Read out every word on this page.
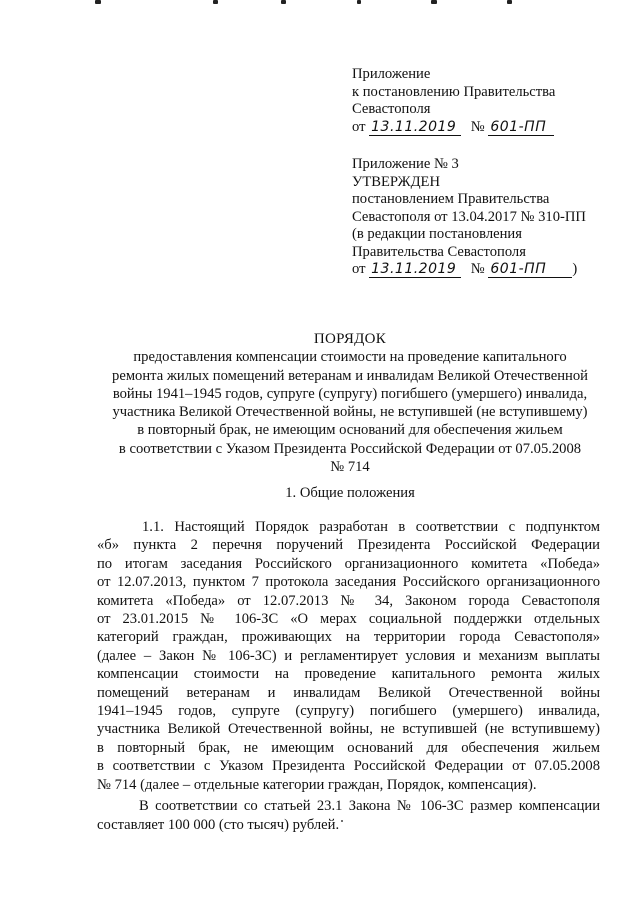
Приложение
к постановлению Правительства
Севастополя
от 13.11.2019 № 601-ПП
Приложение № 3
УТВЕРЖДЕН
постановлением Правительства
Севастополя от 13.04.2017 № 310-ПП
(в редакции постановления
Правительства Севастополя
от 13.11.2019 № 601-ПП )
ПОРЯДОК
предоставления компенсации стоимости на проведение капитального
ремонта жилых помещений ветеранам и инвалидам Великой Отечественной
войны 1941–1945 годов, супруге (супругу) погибшего (умершего) инвалида,
участника Великой Отечественной войны, не вступившей (не вступившему)
в повторный брак, не имеющим оснований для обеспечения жильем
в соответствии с Указом Президента Российской Федерации от 07.05.2008
№ 714
1. Общие положения
1.1. Настоящий Порядок разработан в соответствии с подпунктом
«б» пункта 2 перечня поручений Президента Российской Федерации
по итогам заседания Российского организационного комитета «Победа»
от 12.07.2013, пунктом 7 протокола заседания Российского организационного
комитета «Победа» от 12.07.2013 № 34, Законом города Севастополя
от 23.01.2015 № 106-ЗС «О мерах социальной поддержки отдельных
категорий граждан, проживающих на территории города Севастополя»
(далее – Закон № 106-ЗС) и регламентирует условия и механизм выплаты
компенсации стоимости на проведение капитального ремонта жилых
помещений ветеранам и инвалидам Великой Отечественной войны
1941–1945 годов, супруге (супругу) погибшего (умершего) инвалида,
участника Великой Отечественной войны, не вступившей (не вступившему)
в повторный брак, не имеющим оснований для обеспечения жильем
в соответствии с Указом Президента Российской Федерации от 07.05.2008
№ 714 (далее – отдельные категории граждан, Порядок, компенсация).
В соответствии со статьей 23.1 Закона № 106-ЗС размер компенсации
составляет 100 000 (сто тысяч) рублей.
